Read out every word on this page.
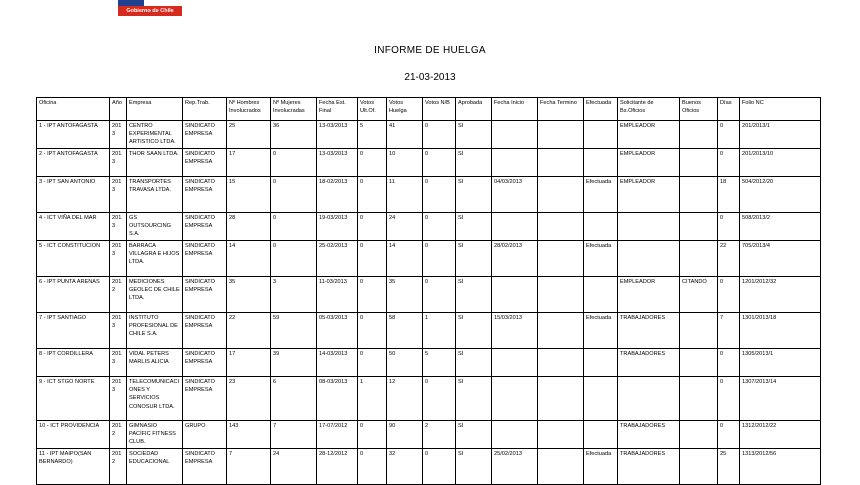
Gobierno de Chile
INFORME DE HUELGA
21-03-2013
Oficina	Año	Empresa	Rep.Trab.	Nº Hombres Involucrados	Nº Mujeres Involucradas	Fecha Est. Final	Votos Ult.Of.	Votos Huelga	Votos N/B	Aprobada	Fecha Inicio	Fecha Termino	Efectuada	Solicitante de Bs.Oficios	Buenos Oficios	Días	Folio NC
1 - IPT ANTOFAGASTA	2013	CENTRO EXPERIMENTAL ARTISTICO LTDA.	SINDICATO EMPRESA	25	36	13-03/2013	5	41	0	SI				EMPLEADOR		0	201/2013/1
2 - IPT ANTOFAGASTA	2013	THOR SAAN LTDA.	SINDICATO EMPRESA	17	0	13-03/2013	0	10	0	SI				EMPLEADOR		0	201/2013/10
3 - IPT SAN ANTONIO	2013	TRANSPORTES TRAVASA LTDA.	SINDICATO EMPRESA	15	0	18-02/2013	0	11	0	SI	04/03/2013		Efectuada	EMPLEADOR		18	504/2012/20
4 - ICT VIÑA DEL MAR	2013	GS OUTSOURCING S.A.	SINDICATO EMPRESA	28	0	19-03/2013	0	24	0	SI						0	508/2013/2
5 - ICT CONSTITUCION	2013	BARRACA VILLAGRA E HIJOS LTDA.	SINDICATO EMPRESA	14	0	25-02/2013	0	14	0	SI	28/02/2013		Efectuada			22	705/2013/4
6 - IPT PUNTA ARENAS	2012	MEDICIONES GEOLEC DE CHILE LTDA.	SINDICATO EMPRESA	35	3	11-03/2013	0	35	0	SI				EMPLEADOR	CITANDO	0	1201/2012/32
7 - IPT SANTIAGO	2013	INSTITUTO PROFESIONAL DE CHILE S.A.	SINDICATO EMPRESA	22	59	05-03/2013	0	58	1	SI	15/03/2013		Efectuada	TRABAJADORES		7	1301/2013/18
8 - IPT CORDILLERA	2013	VIDAL PETERS MARLIS ALICIA	SINDICATO EMPRESA	17	39	14-03/2013	0	50	5	SI				TRABAJADORES		0	1305/2013/1
9 - ICT STGO NORTE	2013	TELECOMUNICACIONES Y SERVICIOS CONOSUR LTDA.	SINDICATO EMPRESA	23	6	08-03/2013	1	12	0	SI						0	1307/2013/14
10 - ICT PROVIDENCIA	2012	GIMNASIO PACIFIC FITNESS CLUB.	GRUPO	143	7	17-07/2012	0	90	2	SI				TRABAJADORES		0	1312/2012/22
11 - IPT MAIPO(SAN BERNARDO)	2012	SOCIEDAD EDUCACIONAL	SINDICATO EMPRESA	7	24	28-12/2012	0	32	0	SI	25/02/2013		Efectuada	TRABAJADORES		25	1313/2012/56
